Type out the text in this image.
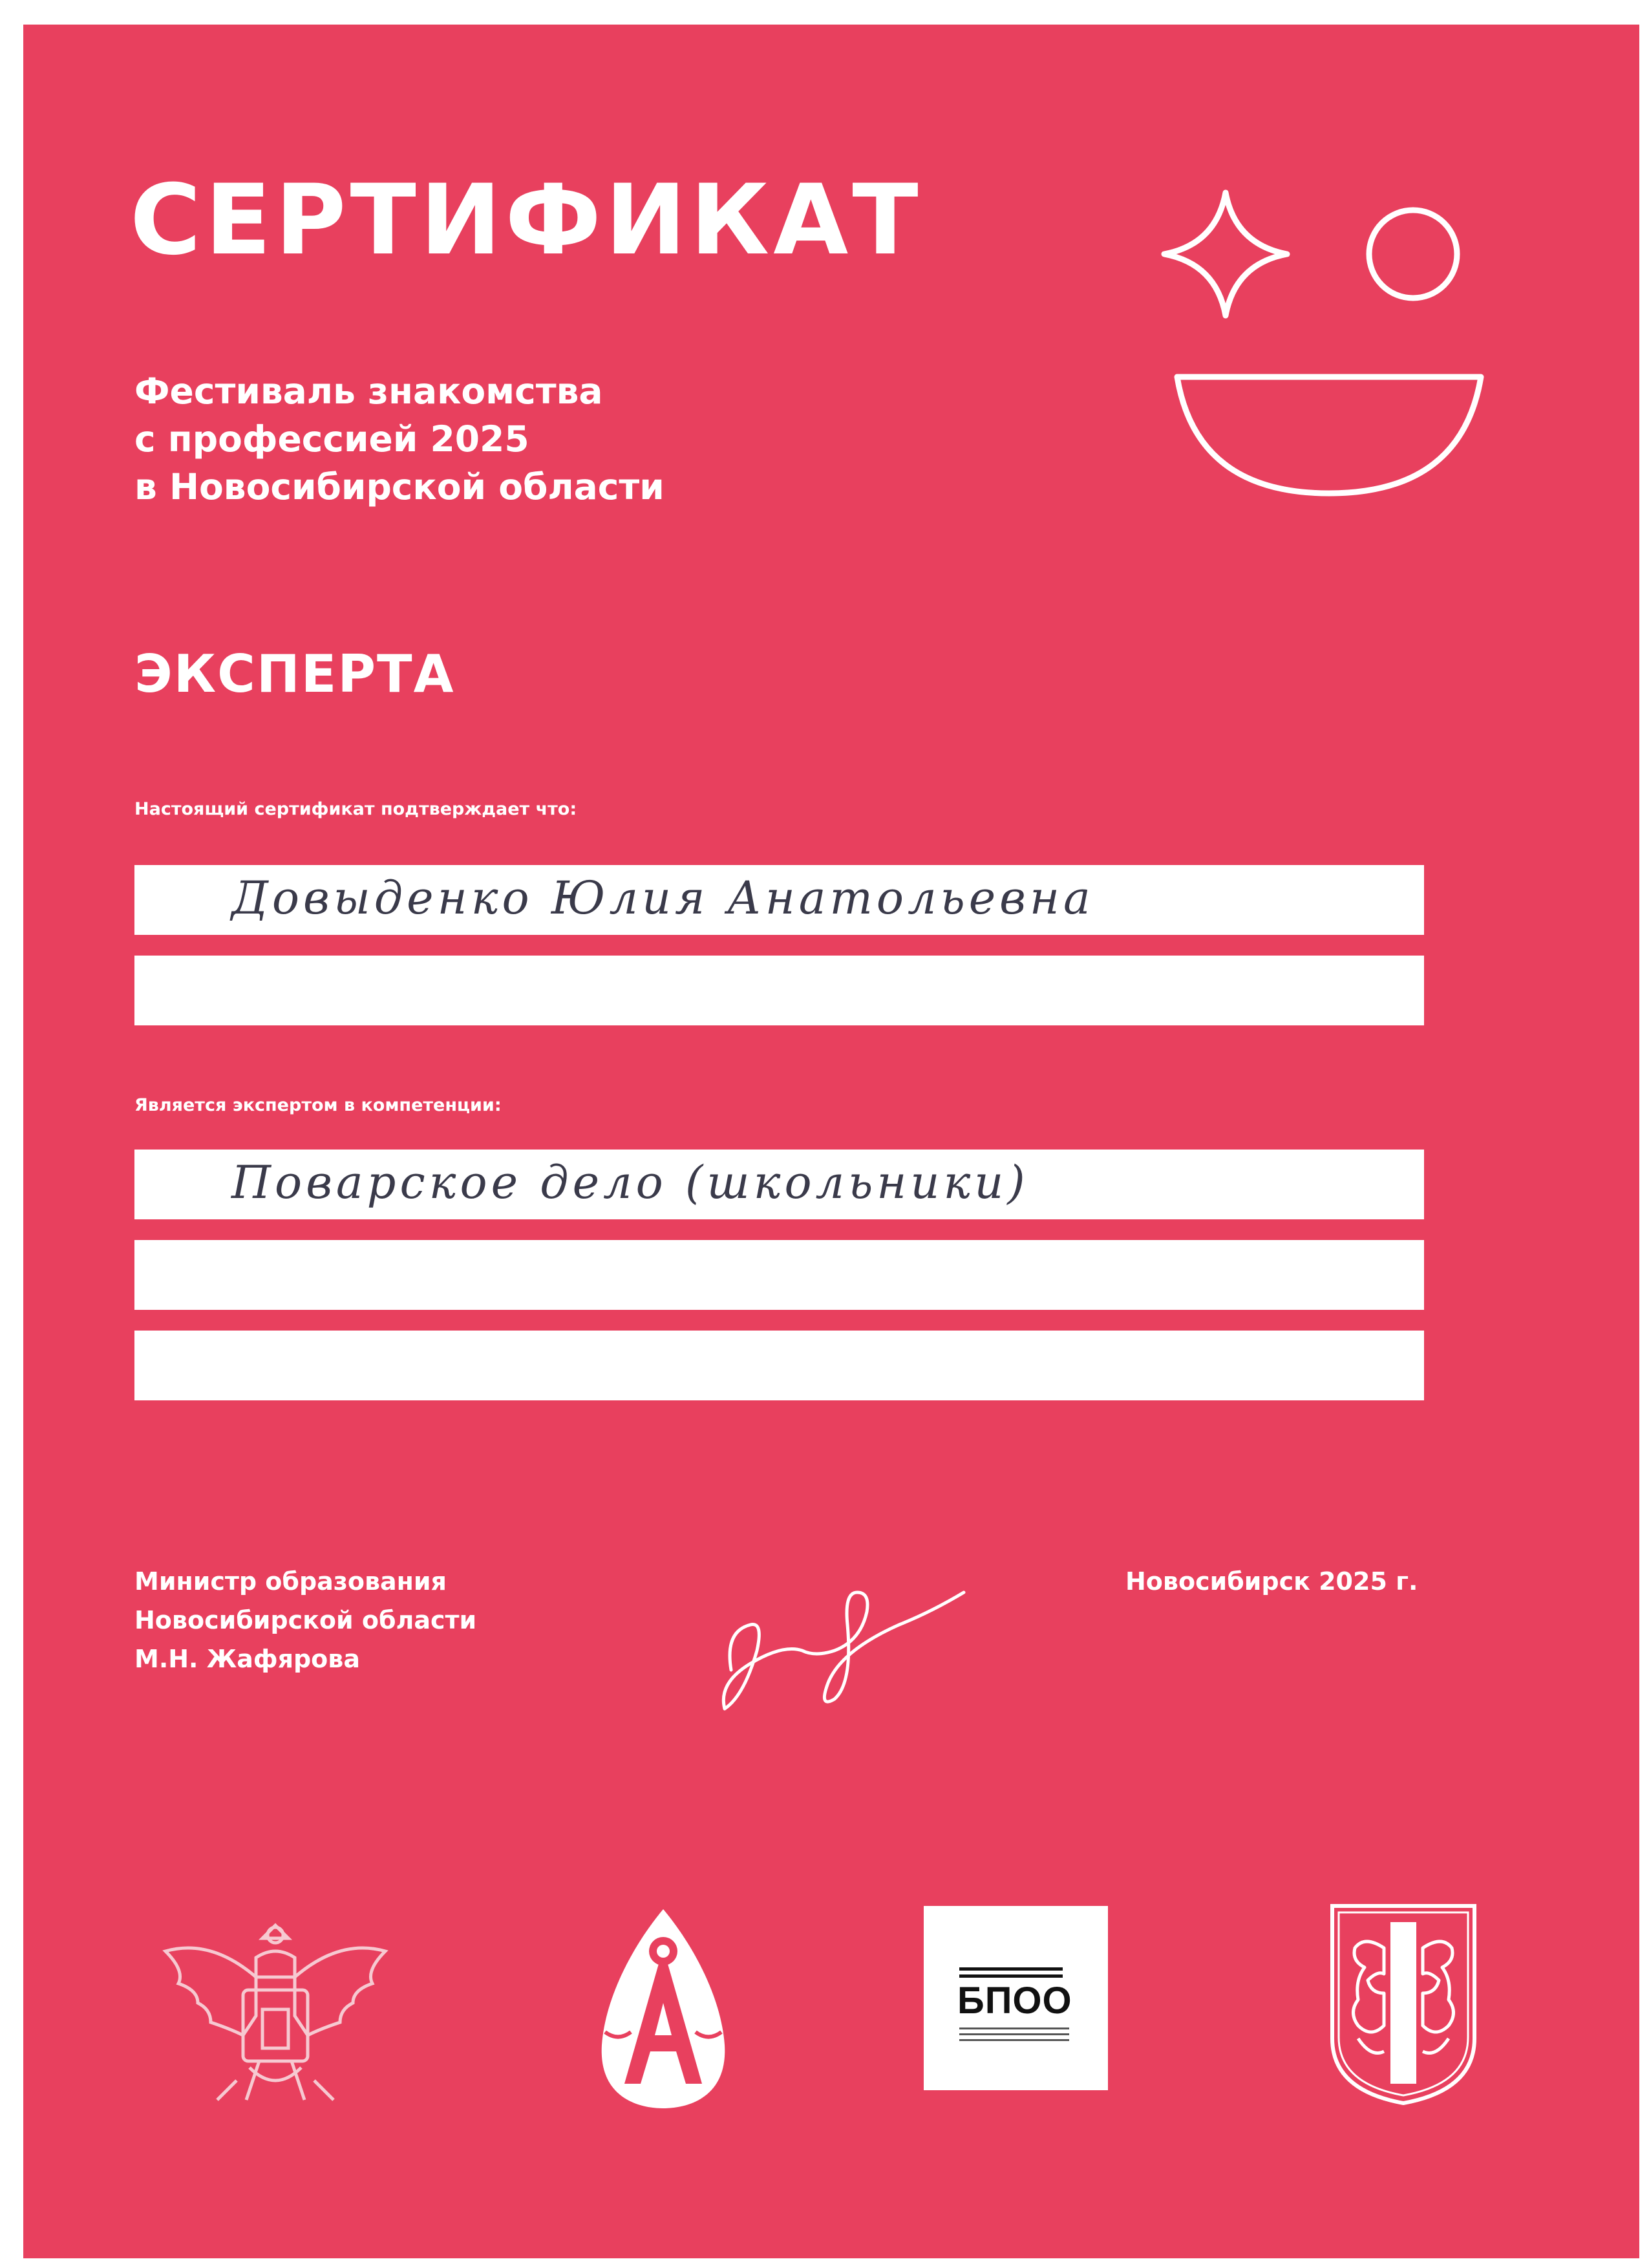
СЕРТИФИКАТ
Фестиваль знакомства
с профессией 2025
в Новосибирской области
ЭКСПЕРТА
Настоящий сертификат подтверждает что:
Довыденко Юлия Анатольевна
Является экспертом в компетенции:
Поварское дело (школьники)
Министр образования
Новосибирской области
М.Н. Жафярова
Новосибирск 2025 г.
БПОО
